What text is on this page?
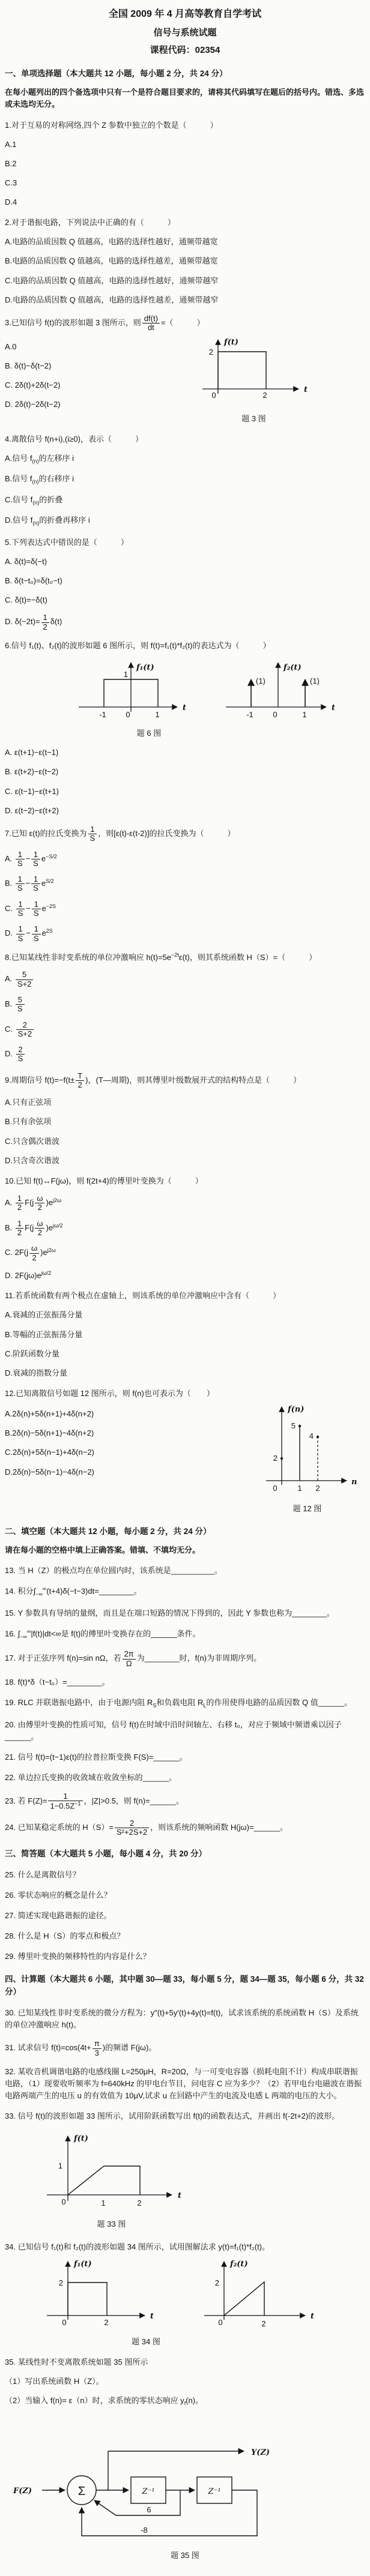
全国 2009 年 4 月高等教育自学考试
信号与系统试题
课程代码：02354
一、单项选择题（本大题共 12 小题，每小题 2 分，共 24 分）
在每小题列出的四个备选项中只有一个是符合题目要求的，请将其代码填写在题后的括号内。错选、多选或未选均无分。
1.对于互易的对称网络,四个 Z 参数中独立的个数是（　　　）
A.1
B.2
C.3
D.4
2.对于谐振电路，下列说法中正确的有（　　　）
A.电路的品质因数 Q 值越高，电路的选择性越好，通频带越宽
B.电路的品质因数 Q 值越高，电路的选择性越差，通频带越宽
C.电路的品质因数 Q 值越高，电路的选择性越好，通频带越窄
D.电路的品质因数 Q 值越高，电路的选择性越差，通频带越窄
3.已知信号 f(t)的波形如题 3 图所示，则 $\frac{df(t)}{dt}$ =（　　　）
A.0
B. δ(t)−δ(t−2)
C. 2δ(t)+2δ(t−2)
D. 2δ(t)−2δ(t−2)
f(t)
2
0	2
t
题 3 图
4.离散信号 f(n+i),(i≥0)，表示（　　　）
A.信号 $f_{(n)}$的左移序 i
B.信号 $f_{(n)}$的右移序 i
C.信号 $f_{(n)}$的折叠
D.信号 $f_{(n)}$的折叠再移序 i
5.下列表达式中错误的是（　　　）
A. δ(t)=δ(−t)
B. δ(t−t₀)=δ(t₀−t)
C. δ(t)=−δ(t)
D. $\delta(-2t)= \frac{1}{2} \delta(t)$
6.信号 f₁(t)、f₂(t)的波形如题 6 图所示，则 f(t)=f₁(t)*f₂(t)的表达式为（　　　）
1
f₁(t)
-1	0	1
t
(1)	(1)
f₂(t)
-1	0	1
t
题 6 图
A. ε(t+1)−ε(t−1)
B. ε(t+2)−ε(t−2)
C. ε(t−1)−ε(t+1)
D. ε(t−2)−ε(t+2)
7.已知 ε(t)的拉氏变换为 $\frac{1}{S}$ ，则[ε(t)-ε(t-2)]的拉氏变换为（　　　）
A. $\frac{1}{S} - \frac{1}{S} e^{-S/2}$
B. $\frac{1}{S} - \frac{1}{S} e^{S/2}$
C. $\frac{1}{S} - \frac{1}{S} e^{-2S}$
D. $\frac{1}{S} - \frac{1}{S} e^{2S}$
8.已知某线性非时变系统的单位冲激响应 $h(t)=5e^{-2t}\varepsilon(t)$，则其系统函数 H（S）=（　　　）
A. $\frac{5}{S+2}$
B. $\frac{5}{S}$
C. $\frac{2}{S+2}$
D. $\frac{2}{S}$
9.周期信号 $f(t)=-f(t\pm \frac{T}{2}$ )，(T—周期)，则其傅里叶级数展开式的结构特点是（　　　）
A.只有正弦项
B.只有余弦项
C.只含偶次谐波
D.只含奇次谐波
10.已知 f(t)↔F(jω)，则 f(2t+4)的傅里叶变换为（　　　）
A. $\frac{1}{2} F(j \frac{\omega}{2} )e^{j2\omega}$
B. $\frac{1}{2} F(j \frac{\omega}{2} )e^{j\omega/2}$
C. $2F(j \frac{\omega}{2} )e^{j2\omega}$
D. $2F(j\omega)e^{j\omega/2}$
11.若系统函数有两个极点在虚轴上，则该系统的单位冲激响应中含有（　　　）
A.衰减的正弦振荡分量
B.等幅的正弦振荡分量
C.阶跃函数分量
D.衰减的指数分量
12.已知离散信号如题 12 图所示，则 f(n)也可表示为（　　）
A.2δ(n)+5δ(n+1)+4δ(n+2)
B.2δ(n)−5δ(n+1)−4δ(n+2)
C.2δ(n)+5δ(n−1)+4δ(n−2)
D.2δ(n)−5δ(n−1)−4δ(n−2)
f(n)
2
5
4
0	1 2
n
题 12 图
二、填空题（本大题共 12 小题，每小题 2 分，共 24 分）
请在每小题的空格中填上正确答案。错填、不填均无分。
13. 当 H（Z）的极点均在单位圆内时，该系统是__________。
14. 积分$\int_{-\infty}^\infty(t+4)\delta(-t-3)dt=\_\_\_\_\_\_\_\_$。
15. Y 参数具有导纳的量纲，而且是在端口短路的情况下得到的，因此 Y 参数也称为________。
16. $\int_{-\infty}^\infty|f(t)|dt<\infty$是 f(t)的傅里叶变换存在的______条件。
17. 对于正弦序列 f(n)=sin nΩ，若 $\frac{2\pi}{\Omega}$ 为________时，f(n)为非周期序列。
18. f(t)*δ（t−t₀）=________。
19. RLC 并联谐振电路中，由于电源内阻 $R_S$和负载电阻 $R_L$的作用使得电路的品质因数 Q 值______。
20. 由傅里叶变换的性质可知，信号 f(t)在时域中沿时间轴左、右移 t₀，对应于频域中频谱乘以因子______。
21. 信号 f(t)=(t−1)ε(t)的拉普拉斯变换 F(S)=______。
22. 单边拉氏变换的收敛域在收敛坐标的______。
23. 若 $F(Z)= \frac{1}{1-0.5Z^{-1}}$ ，|Z|>0.5，则 f(n)=______。
24. 已知某稳定系统的 $H(S)= \frac{2}{\text{S²+2S+2}}$ ，则该系统的频响函数 H(jω)=______。
三、简答题（本大题共 5 小题，每小题 4 分，共 20 分）
25. 什么是离散信号？
26. 零状态响应的概念是什么？
27. 简述实现电路谐振的途径。
28. 什么是 H（S）的零点和极点？
29. 傅里叶变换的频移特性的内容是什么？
四、计算题（本大题共 6 小题，其中题 30—题 33，每小题 5 分，题 34—题 35，每小题 6 分，共 32 分）
30. 已知某线性非时变系统的微分方程为：y″(t)+5y′(t)+4y(t)=f(t)，试求该系统的系统函数 H（S）及系统的单位冲激响应 h(t)。
31. 试求信号 $f(t)=\cos(4t+ \frac{\pi}{3}$ )的频谱 F(jω)。
32. 某收音机调谐电路的电感线圈 L=250μH，R=20Ω，与一可变电容器（损耗电阻不计）构成串联谐振电路，（1）现要收听频率为 f=640kHz 的甲电台节目，问电容 C 应为多少？（2）若甲电台电磁波在谐振电路两端产生的电压 u 的有效值为 10μV,试求 u 在回路中产生的电流及电感 L 两端的电压的大小。
33. 信号 f(t)的波形如题 33 图所示，试用阶跃函数写出 f(t)的函数表达式，并画出 f(-2t+2)的波形。
f(t)
1
0	1	2
t
题 33 图
34. 已知信号 f₁(t)和 f₂(t)的波形如题 34 图所示，试用图解法求 y(t)=f₁(t)*f₂(t)。
f₁(t)
2
0	2
t
f₂(t)
2
0	2
t
题 34 图
35. 某线性时不变离散系统如题 35 图所示
（1）写出系统函数 H（Z）。
（2）当输入 f(n)= ε（n）时，求系统的零状态响应 $y_f(n)$。
F(Z)	Σ
Y(Z)
Z⁻¹	Z⁻¹
6
-8
题 35 图
